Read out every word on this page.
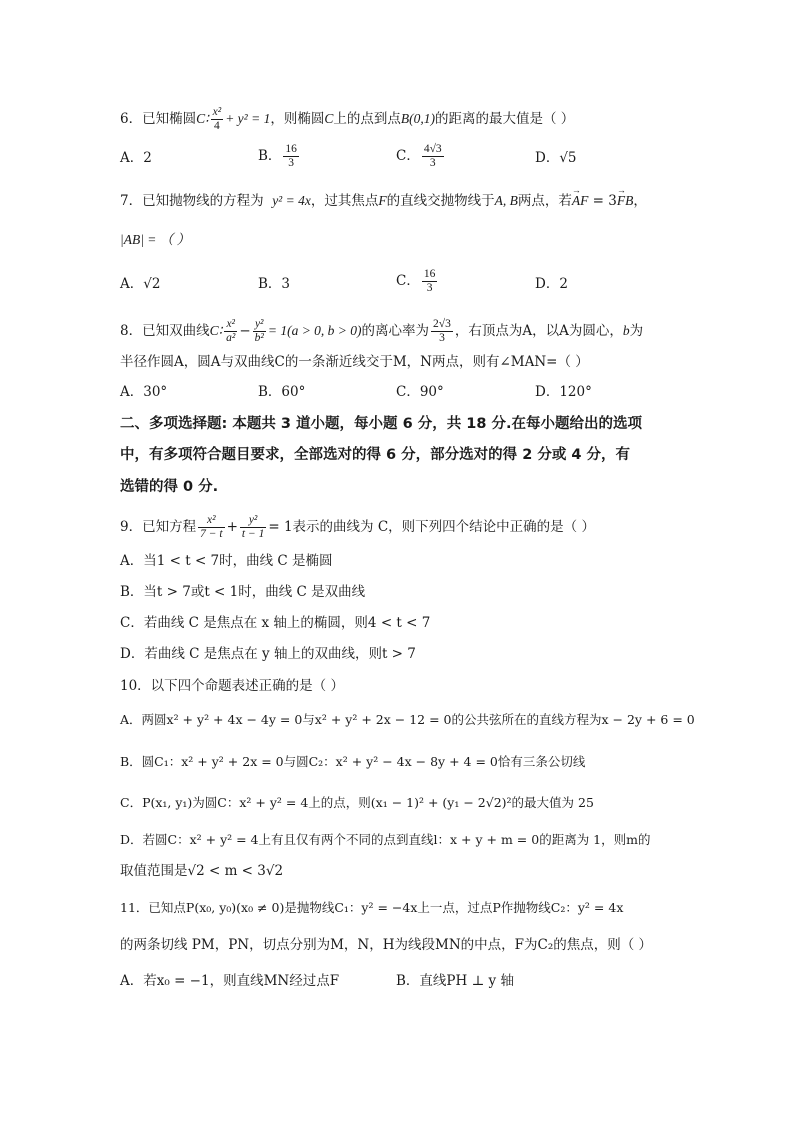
6．已知椭圆C∶ $\frac{\text{x²}}{4} + y^2 = 1$，则椭圆C上的点到点B(0,1)的距离的最大值是（ ）
A．2	B． $\frac{16}{3}$	C． $\frac{4√3}{3}$	D．√5
7．已知抛物线的方程为 y² = 4x，过其焦点F的直线交抛物线于A, B两点，若→ AF = 3→ FB，
|AB| = （ ）
A．√2	B．3	C． $\frac{16}{3}$	D．2
8．已知双曲线C∶ $\frac{\text{x²}}{\text{a²}} - \frac{\text{y²}}{\text{b²}} = 1(a > 0$, b > 0)的离心率为 $\frac{2√3}{3}$ ，右顶点为A，以A为圆心，b为
半径作圆A，圆A与双曲线C的一条渐近线交于M，N两点，则有∠MAN=（ ）
A．30°	B．60°	C．90°	D．120°
二、多项选择题: 本题共 3 道小题，每小题 6 分，共 18 分.在每小题给出的选项
中，有多项符合题目要求，全部选对的得 6 分，部分选对的得 2 分或 4 分，有
选错的得 0 分.
9．已知方程 $\frac{\text{x²}}{7 - t} + \frac{\text{y²}}{t - 1} = 1$表示的曲线为 C，则下列四个结论中正确的是（ ）
A．当1 < t < 7时，曲线 C 是椭圆
B．当t > 7或t < 1时，曲线 C 是双曲线
C．若曲线 C 是焦点在 x 轴上的椭圆，则4 < t < 7
D．若曲线 C 是焦点在 y 轴上的双曲线，则t > 7
10．以下四个命题表述正确的是（ ）
A．两圆x² + y² + 4x − 4y = 0与x² + y² + 2x − 12 = 0的公共弦所在的直线方程为x − 2y + 6 = 0
B．圆C₁：x² + y² + 2x = 0与圆C₂：x² + y² − 4x − 8y + 4 = 0恰有三条公切线
C．P(x₁, y₁)为圆C：x² + y² = 4上的点，则(x₁ − 1)² + (y₁ − 2√2)²的最大值为 25
D．若圆C：x² + y² = 4上有且仅有两个不同的点到直线l：x + y + m = 0的距离为 1，则m的
取值范围是√2 < m < 3√2
11．已知点P(x₀, y₀)(x₀ ≠ 0)是抛物线C₁：y² = −4x上一点，过点P作抛物线C₂：y² = 4x
的两条切线 PM，PN，切点分别为M，N，H为线段MN的中点，F为C₂的焦点，则（ ）
A．若x₀ = −1，则直线MN经过点F	B．直线PH ⊥ y 轴
